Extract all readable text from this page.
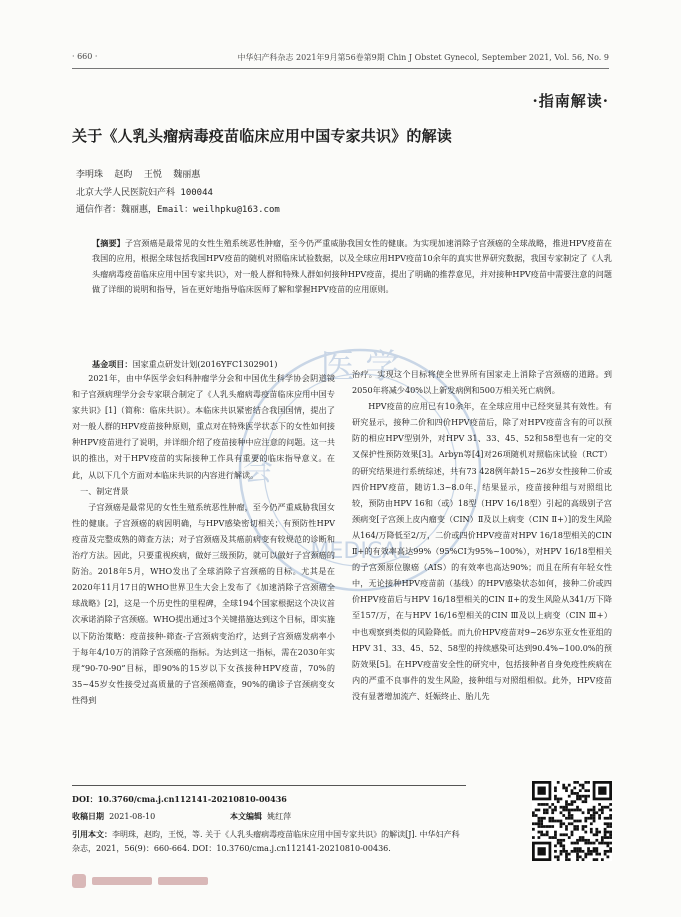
· 660 ·	中华妇产科杂志 2021年9月第56卷第9期 Chin J Obstet Gynecol, September 2021, Vol. 56, No. 9
·指南解读·
关于《人乳头瘤病毒疫苗临床应用中国专家共识》的解读
李明珠 赵昀 王悦 魏丽惠
北京大学人民医院妇产科 100044
通信作者：魏丽惠，Email：weilhpku@163.com
【摘要】子宫颈癌是最常见的女性生殖系统恶性肿瘤，至今仍严重威胁我国女性的健康。为实现加速消除子宫颈癌的全球战略，推进HPV疫苗在我国的应用，根据全球包括我国HPV疫苗的随机对照临床试验数据，以及全球应用HPV疫苗10余年的真实世界研究数据，我国专家制定了《人乳头瘤病毒疫苗临床应用中国专家共识》，对一般人群和特殊人群如何接种HPV疫苗，提出了明确的推荐意见，并对接种HPV疫苗中需要注意的问题做了详细的说明和指导，旨在更好地指导临床医师了解和掌握HPV疫苗的应用原则。
基金项目：国家重点研发计划(2016YFC1302901)	医 学
MEDICAL
会

2021年，由中华医学会妇科肿瘤学分会和中国优生科学协会阴道镜和子宫颈病理学分会专家联合制定了《人乳头瘤病毒疫苗临床应用中国专家共识》[1]（简称：临床共识）。本临床共识紧密结合我国国情，提出了对一般人群的HPV疫苗接种原则，重点对在特殊医学状态下的女性如何接种HPV疫苗进行了说明，并详细介绍了疫苗接种中应注意的问题。这一共识的推出，对于HPV疫苗的实际接种工作具有重要的临床指导意义。在此，从以下几个方面对本临床共识的内容进行解读。

一、制定背景

子宫颈癌是最常见的女性生殖系统恶性肿瘤，至今仍严重威胁我国女性的健康。子宫颈癌的病因明确，与HPV感染密切相关；有预防性HPV疫苗及完整成熟的筛查方法；对子宫颈癌及其癌前病变有较规范的诊断和治疗方法。因此，只要重视疾病，做好三级预防，就可以做好子宫颈癌的防治。2018年5月，WHO发出了全球消除子宫颈癌的目标。尤其是在2020年11月17日的WHO世界卫生大会上发布了《加速消除子宫颈癌全球战略》[2]，这是一个历史性的里程碑，全球194个国家根据这个决议首次承诺消除子宫颈癌。WHO提出通过3个关键措施达到这个目标，即实施以下防治策略：疫苗接种-筛查-子宫颈病变治疗，达到子宫颈癌发病率小于每年4/10万的消除子宫颈癌的指标。为达到这一指标，需在2030年实现“90-70-90”目标，即90%的15岁以下女孩接种HPV疫苗，70%的35~45岁女性接受过高质量的子宫颈癌筛查，90%的确诊子宫颈病变女性得到

治疗。实现这个目标将使全世界所有国家走上消除子宫颈癌的道路。到2050年将减少40%以上新发病例和500万相关死亡病例。

HPV疫苗的应用已有10余年，在全球应用中已经突显其有效性。有研究显示，接种二价和四价HPV疫苗后，除了对HPV疫苗含有的可以预防的相应HPV型别外，对HPV 31、33、45、52和58型也有一定的交叉保护性预防效果[3]。Arbyn等[4]对26项随机对照临床试验（RCT）的研究结果进行系统综述，共有73 428例年龄15~26岁女性接种二价或四价HPV疫苗，随访1.3~8.0年，结果显示，疫苗接种组与对照组比较，预防由HPV 16和（或）18型（HPV 16/18型）引起的高级别子宫颈病变[子宫颈上皮内瘤变（CIN）Ⅱ及以上病变（CIN Ⅱ+）]的发生风险从164/万降低至2/万，二价或四价HPV疫苗对HPV 16/18型相关的CIN Ⅱ+的有效率高达99%（95%CI为95%~100%），对HPV 16/18型相关的子宫颈原位腺癌（AIS）的有效率也高达90%；而且在所有年轻女性中，无论接种HPV疫苗前（基线）的HPV感染状态如何，接种二价或四价HPV疫苗后与HPV 16/18型相关的CIN Ⅱ+的发生风险从341/万下降至157/万，在与HPV 16/16型相关的CIN Ⅲ及以上病变（CIN Ⅲ+）中也观察到类似的风险降低。而九价HPV疫苗对9~26岁东亚女性亚组的HPV 31、33、45、52、58型的持续感染可达到90.4%~100.0%的预防效果[5]。在HPV疫苗安全性的研究中，包括接种者自身免疫性疾病在内的严重不良事件的发生风险，接种组与对照组相似。此外，HPV疫苗没有显著增加流产、妊娠终止、胎儿先

DOI：10.3760/cma.j.cn112141-20210810-00436
收稿日期 2021-08-10	本文编辑 姚红萍
引用本文：李明珠，赵昀，王悦，等. 关于《人乳头瘤病毒疫苗临床应用中国专家共识》的解读[J]. 中华妇产科杂志，2021，56(9)：660-664. DOI：10.3760/cma.j.cn112141-20210810-00436.
